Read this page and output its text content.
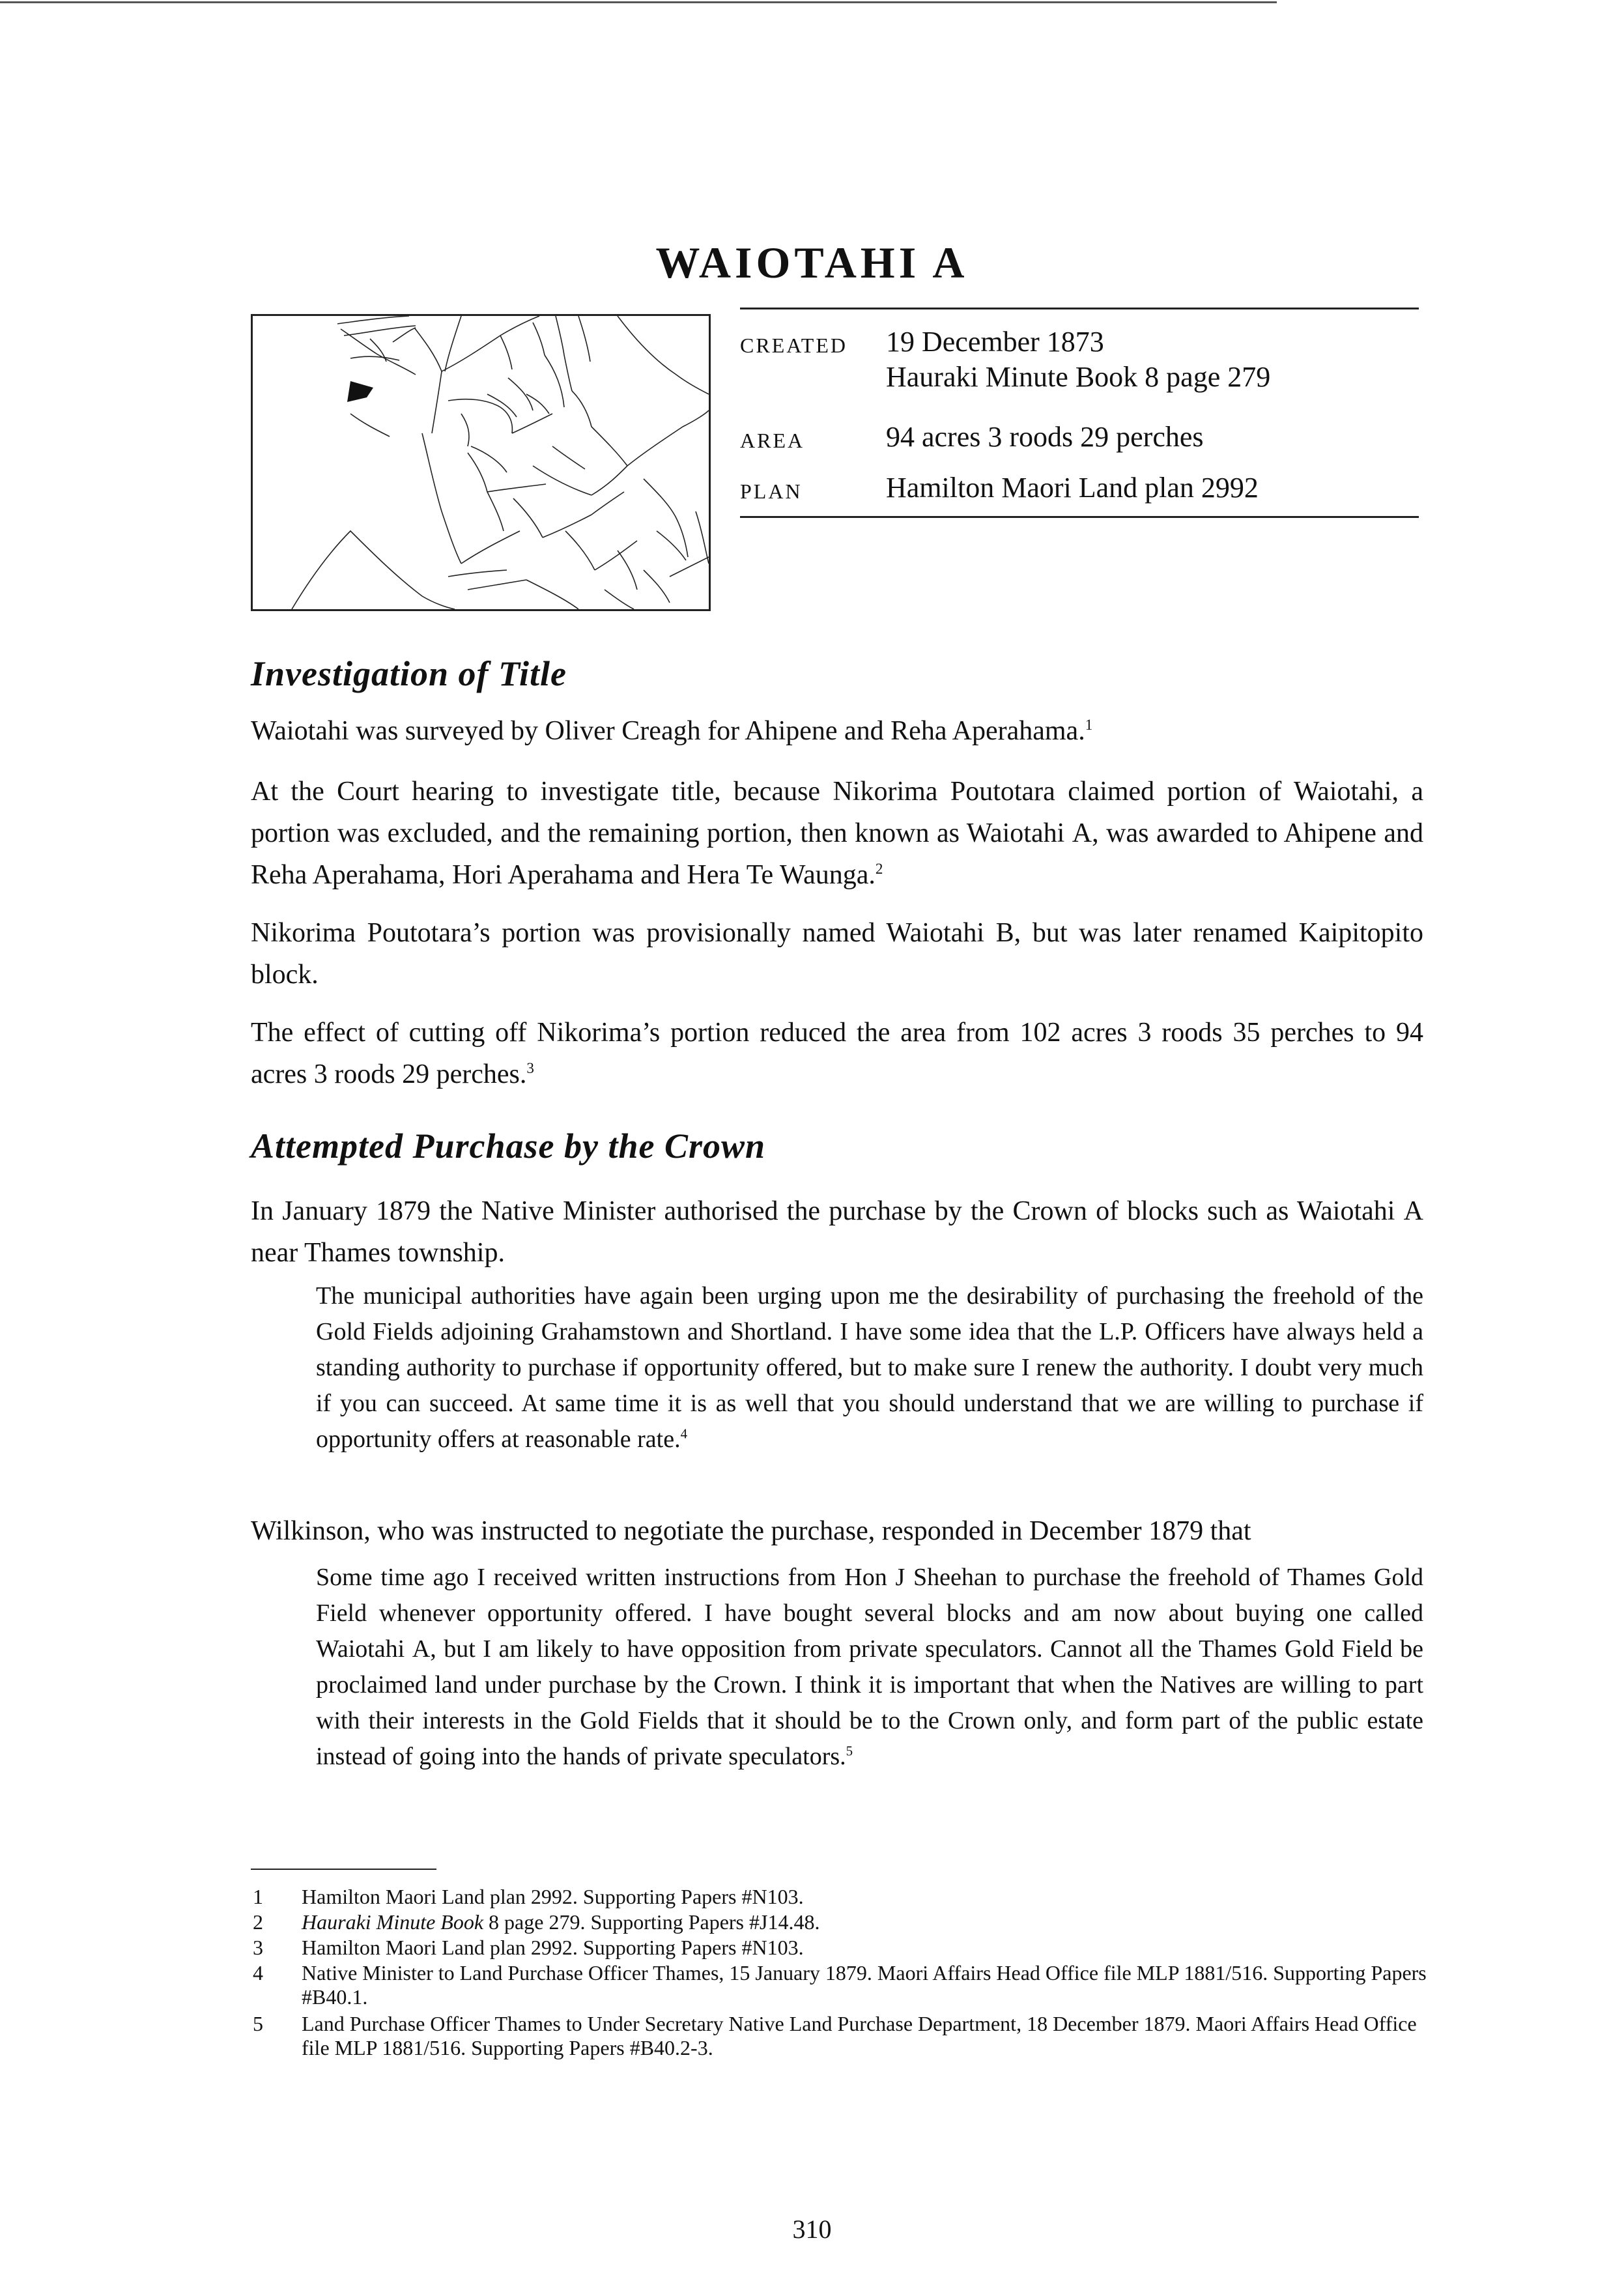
WAIOTAHI A
CREATED 19 December 1873
Hauraki Minute Book 8 page 279
AREA	94 acres 3 roods 29 perches
PLAN	Hamilton Maori Land plan 2992
Investigation of Title

Waiotahi was surveyed by Oliver Creagh for Ahipene and Reha Aperahama.$^1$

At the Court hearing to investigate title, because Nikorima Poutotara claimed portion of Waiotahi, a portion was excluded, and the remaining portion, then known as Waiotahi A, was awarded to Ahipene and Reha Aperahama, Hori Aperahama and Hera Te Waunga.$^2$

Nikorima Poutotara’s portion was provisionally named Waiotahi B, but was later renamed Kaipitopito block.

The effect of cutting off Nikorima’s portion reduced the area from 102 acres 3 roods 35 perches to 94 acres 3 roods 29 perches.$^3$

Attempted Purchase by the Crown

In January 1879 the Native Minister authorised the purchase by the Crown of blocks such as Waiotahi A near Thames township.

The municipal authorities have again been urging upon me the desirability of purchasing the freehold of the Gold Fields adjoining Grahamstown and Shortland. I have some idea that the L.P. Officers have always held a standing authority to purchase if opportunity offered, but to make sure I renew the authority. I doubt very much if you can succeed. At same time it is as well that you should understand that we are willing to purchase if opportunity offers at reasonable rate.$^4$

Wilkinson, who was instructed to negotiate the purchase, responded in December 1879 that

Some time ago I received written instructions from Hon J Sheehan to purchase the freehold of Thames Gold Field whenever opportunity offered. I have bought several blocks and am now about buying one called Waiotahi A, but I am likely to have opposition from private speculators. Cannot all the Thames Gold Field be proclaimed land under purchase by the Crown. I think it is important that when the Natives are willing to part with their interests in the Gold Fields that it should be to the Crown only, and form part of the public estate instead of going into the hands of private speculators.$^5$
1 Hamilton Maori Land plan 2992. Supporting Papers #N103.
2 Hauraki Minute Book 8 page 279. Supporting Papers #J14.48.
3 Hamilton Maori Land plan 2992. Supporting Papers #N103.
4 Native Minister to Land Purchase Officer Thames, 15 January 1879. Maori Affairs Head Office file MLP 1881/516. Supporting Papers #B40.1.
5 Land Purchase Officer Thames to Under Secretary Native Land Purchase Department, 18 December 1879. Maori Affairs Head Office file MLP 1881/516. Supporting Papers #B40.2-3.
310
